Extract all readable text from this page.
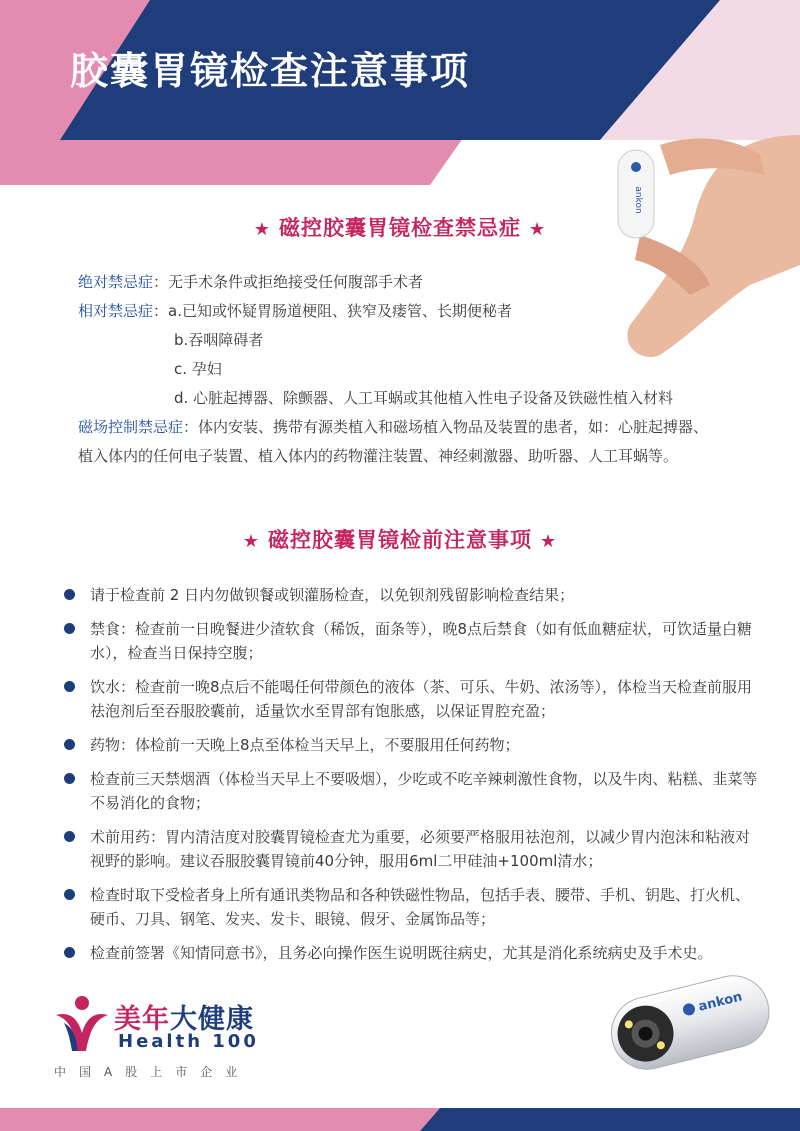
胶囊胃镜检查注意事项
ankon
★ 磁控胶囊胃镜检查禁忌症 ★
绝对禁忌症：无手术条件或拒绝接受任何腹部手术者
相对禁忌症：a.已知或怀疑胃肠道梗阻、狭窄及瘘管、长期便秘者
b.吞咽障碍者
c. 孕妇
d. 心脏起搏器、除颤器、人工耳蜗或其他植入性电子设备及铁磁性植入材料
磁场控制禁忌症：体内安装、携带有源类植入和磁场植入物品及装置的患者，如：心脏起搏器、植入体内的任何电子装置、植入体内的药物灌注装置、神经刺激器、助听器、人工耳蜗等。
★ 磁控胶囊胃镜检前注意事项 ★
请于检查前 2 日内勿做钡餐或钡灌肠检查，以免钡剂残留影响检查结果；
禁食：检查前一日晚餐进少渣软食（稀饭，面条等），晚8点后禁食（如有低血糖症状，可饮适量白糖水），检查当日保持空腹；
饮水：检查前一晚8点后不能喝任何带颜色的液体（茶、可乐、牛奶、浓汤等），体检当天检查前服用祛泡剂后至吞服胶囊前，适量饮水至胃部有饱胀感，以保证胃腔充盈；
药物：体检前一天晚上8点至体检当天早上，不要服用任何药物；
检查前三天禁烟酒（体检当天早上不要吸烟），少吃或不吃辛辣刺激性食物，以及牛肉、粘糕、韭菜等不易消化的食物；
术前用药：胃内清洁度对胶囊胃镜检查尤为重要，必须要严格服用祛泡剂，以减少胃内泡沫和粘液对视野的影响。建议吞服胶囊胃镜前40分钟，服用6ml二甲硅油+100ml清水；
检查时取下受检者身上所有通讯类物品和各种铁磁性物品，包括手表、腰带、手机、钥匙、打火机、硬币、刀具、钢笔、发夹、发卡、眼镜、假牙、金属饰品等；
检查前签署《知情同意书》，且务必向操作医生说明既往病史，尤其是消化系统病史及手术史。
美年大健康
Health 100
中国A股上市企业
ankon
